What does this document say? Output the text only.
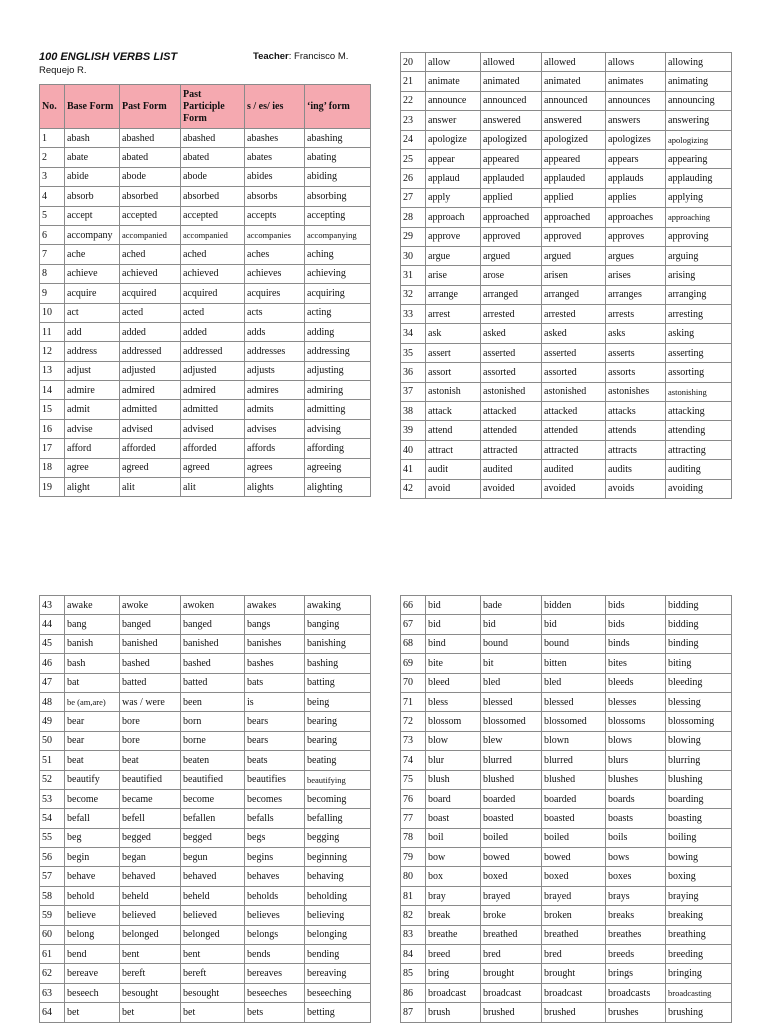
100 ENGLISH VERBS LIST	Teacher: Francisco M.
Requejo R.
No.	Base Form	Past Form	Past Participle Form	s / es/ ies	‘ing’ form
1	abash	abashed	abashed	abashes	abashing
2	abate	abated	abated	abates	abating
3	abide	abode	abode	abides	abiding
4	absorb	absorbed	absorbed	absorbs	absorbing
5	accept	accepted	accepted	accepts	accepting
6	accompany	accompanied	accompanied	accompanies	accompanying
7	ache	ached	ached	aches	aching
8	achieve	achieved	achieved	achieves	achieving
9	acquire	acquired	acquired	acquires	acquiring
10	act	acted	acted	acts	acting
11	add	added	added	adds	adding
12	address	addressed	addressed	addresses	addressing
13	adjust	adjusted	adjusted	adjusts	adjusting
14	admire	admired	admired	admires	admiring
15	admit	admitted	admitted	admits	admitting
16	advise	advised	advised	advises	advising
17	afford	afforded	afforded	affords	affording
18	agree	agreed	agreed	agrees	agreeing
19	alight	alit	alit	alights	alighting
20	allow	allowed	allowed	allows	allowing
21	animate	animated	animated	animates	animating
22	announce	announced	announced	announces	announcing
23	answer	answered	answered	answers	answering
24	apologize	apologized	apologized	apologizes	apologizing
25	appear	appeared	appeared	appears	appearing
26	applaud	applauded	applauded	applauds	applauding
27	apply	applied	applied	applies	applying
28	approach	approached	approached	approaches	approaching
29	approve	approved	approved	approves	approving
30	argue	argued	argued	argues	arguing
31	arise	arose	arisen	arises	arising
32	arrange	arranged	arranged	arranges	arranging
33	arrest	arrested	arrested	arrests	arresting
34	ask	asked	asked	asks	asking
35	assert	asserted	asserted	asserts	asserting
36	assort	assorted	assorted	assorts	assorting
37	astonish	astonished	astonished	astonishes	astonishing
38	attack	attacked	attacked	attacks	attacking
39	attend	attended	attended	attends	attending
40	attract	attracted	attracted	attracts	attracting
41	audit	audited	audited	audits	auditing
42	avoid	avoided	avoided	avoids	avoiding
43	awake	awoke	awoken	awakes	awaking
44	bang	banged	banged	bangs	banging
45	banish	banished	banished	banishes	banishing
46	bash	bashed	bashed	bashes	bashing
47	bat	batted	batted	bats	batting
48	be (am,are)	was / were	been	is	being
49	bear	bore	born	bears	bearing
50	bear	bore	borne	bears	bearing
51	beat	beat	beaten	beats	beating
52	beautify	beautified	beautified	beautifies	beautifying
53	become	became	become	becomes	becoming
54	befall	befell	befallen	befalls	befalling
55	beg	begged	begged	begs	begging
56	begin	began	begun	begins	beginning
57	behave	behaved	behaved	behaves	behaving
58	behold	beheld	beheld	beholds	beholding
59	believe	believed	believed	believes	believing
60	belong	belonged	belonged	belongs	belonging
61	bend	bent	bent	bends	bending
62	bereave	bereft	bereft	bereaves	bereaving
63	beseech	besought	besought	beseeches	beseeching
64	bet	bet	bet	bets	betting
66	bid	bade	bidden	bids	bidding
67	bid	bid	bid	bids	bidding
68	bind	bound	bound	binds	binding
69	bite	bit	bitten	bites	biting
70	bleed	bled	bled	bleeds	bleeding
71	bless	blessed	blessed	blesses	blessing
72	blossom	blossomed	blossomed	blossoms	blossoming
73	blow	blew	blown	blows	blowing
74	blur	blurred	blurred	blurs	blurring
75	blush	blushed	blushed	blushes	blushing
76	board	boarded	boarded	boards	boarding
77	boast	boasted	boasted	boasts	boasting
78	boil	boiled	boiled	boils	boiling
79	bow	bowed	bowed	bows	bowing
80	box	boxed	boxed	boxes	boxing
81	bray	brayed	brayed	brays	braying
82	break	broke	broken	breaks	breaking
83	breathe	breathed	breathed	breathes	breathing
84	breed	bred	bred	breeds	breeding
85	bring	brought	brought	brings	bringing
86	broadcast	broadcast	broadcast	broadcasts	broadcasting
87	brush	brushed	brushed	brushes	brushing
